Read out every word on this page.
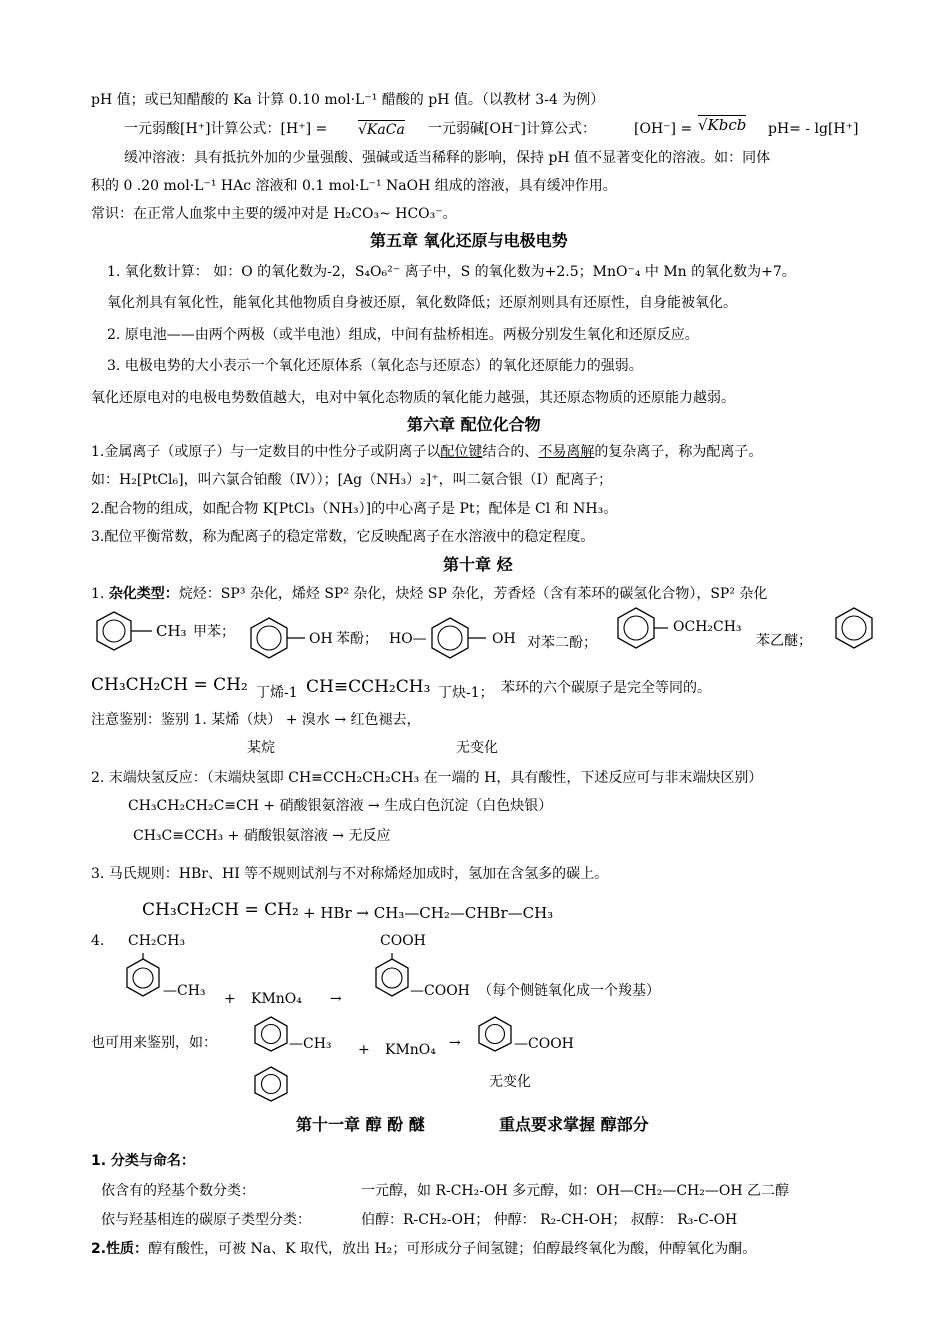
pH 值；或已知醋酸的 Ka 计算 0.10 mol·L⁻¹ 醋酸的 pH 值。（以教材 3-4 为例）
一元弱酸[H⁺]计算公式：[H⁺] = √KaCa 一元弱碱[OH⁻]计算公式：	[OH⁻] = √Kbcb pH= - lg[H⁺]
缓冲溶液：具有抵抗外加的少量强酸、强碱或适当稀释的影响，保持 pH 值不显著变化的溶液。如：同体
积的 0 .20 mol·L⁻¹ HAc 溶液和 0.1 mol·L⁻¹ NaOH 组成的溶液，具有缓冲作用。
常识：在正常人血浆中主要的缓冲对是 H₂CO₃~ HCO₃⁻。
第五章 氧化还原与电极电势
1. 氧化数计算： 如：O 的氧化数为-2，S₄O₆²⁻ 离子中，S 的氧化数为+2.5；MnO⁻₄ 中 Mn 的氧化数为+7。
氧化剂具有氧化性，能氧化其他物质自身被还原，氧化数降低；还原剂则具有还原性，自身能被氧化。
2. 原电池——由两个两极（或半电池）组成，中间有盐桥相连。两极分别发生氧化和还原反应。
3. 电极电势的大小表示一个氧化还原体系（氧化态与还原态）的氧化还原能力的强弱。
氧化还原电对的电极电势数值越大，电对中氧化态物质的氧化能力越强，其还原态物质的还原能力越弱。
第六章 配位化合物
1.金属离子（或原子）与一定数目的中性分子或阴离子以配位键结合的、不易离解的复杂离子，称为配离子。
如：H₂[PtCl₆]，叫六氯合铂酸（Ⅳ））；[Ag（NH₃）₂]⁺，叫二氨合银（Ⅰ）配离子；
2.配合物的组成，如配合物 K[PtCl₃（NH₃）]的中心离子是 Pt；配体是 Cl 和 NH₃。
3.配位平衡常数，称为配离子的稳定常数，它反映配离子在水溶液中的稳定程度。
第十章 烃
1. 杂化类型：烷烃：SP³ 杂化，烯烃 SP² 杂化，炔烃 SP 杂化，芳香烃（含有苯环的碳氢化合物），SP² 杂化
CH₃ 甲苯；	OH 苯酚； HO—	OH 对苯二酚；
OCH₂CH₃
苯乙醚；
CH₃CH₂CH = CH₂ 丁烯-1 CH≡CCH₂CH₃ 丁炔-1； 苯环的六个碳原子是完全等同的。
注意鉴别：鉴别 1. 某烯（炔） + 溴水 → 红色褪去，
某烷	无变化
2. 末端炔氢反应：（末端炔氢即 CH≡CCH₂CH₂CH₃ 在一端的 H，具有酸性，下述反应可与非末端炔区别）
CH₃CH₂CH₂C≡CH + 硝酸银氨溶液 → 生成白色沉淀（白色炔银）
CH₃C≡CCH₃ + 硝酸银氨溶液 → 无反应
3. 马氏规则：HBr、HI 等不规则试剂与不对称烯烃加成时，氢加在含氢多的碳上。
CH₃CH₂CH = CH₂ + HBr → CH₃—CH₂—CHBr—CH₃
4. CH₂CH₃
—CH₃ + KMnO₄ →
COOH
—COOH （每个侧链氧化成一个羧基）
也可用来鉴别，如：	—CH₃ + KMnO₄ →	—COOH
无变化
第十一章 醇 酚 醚	重点要求掌握 醇部分
1. 分类与命名：
依含有的羟基个数分类：	一元醇，如 R-CH₂-OH 多元醇，如：OH—CH₂—CH₂—OH 乙二醇
依与羟基相连的碳原子类型分类：	伯醇：R-CH₂-OH； 仲醇： R₂-CH-OH； 叔醇： R₃-C-OH
2.性质：醇有酸性，可被 Na、K 取代，放出 H₂；可形成分子间氢键；伯醇最终氧化为酸，仲醇氧化为酮。
